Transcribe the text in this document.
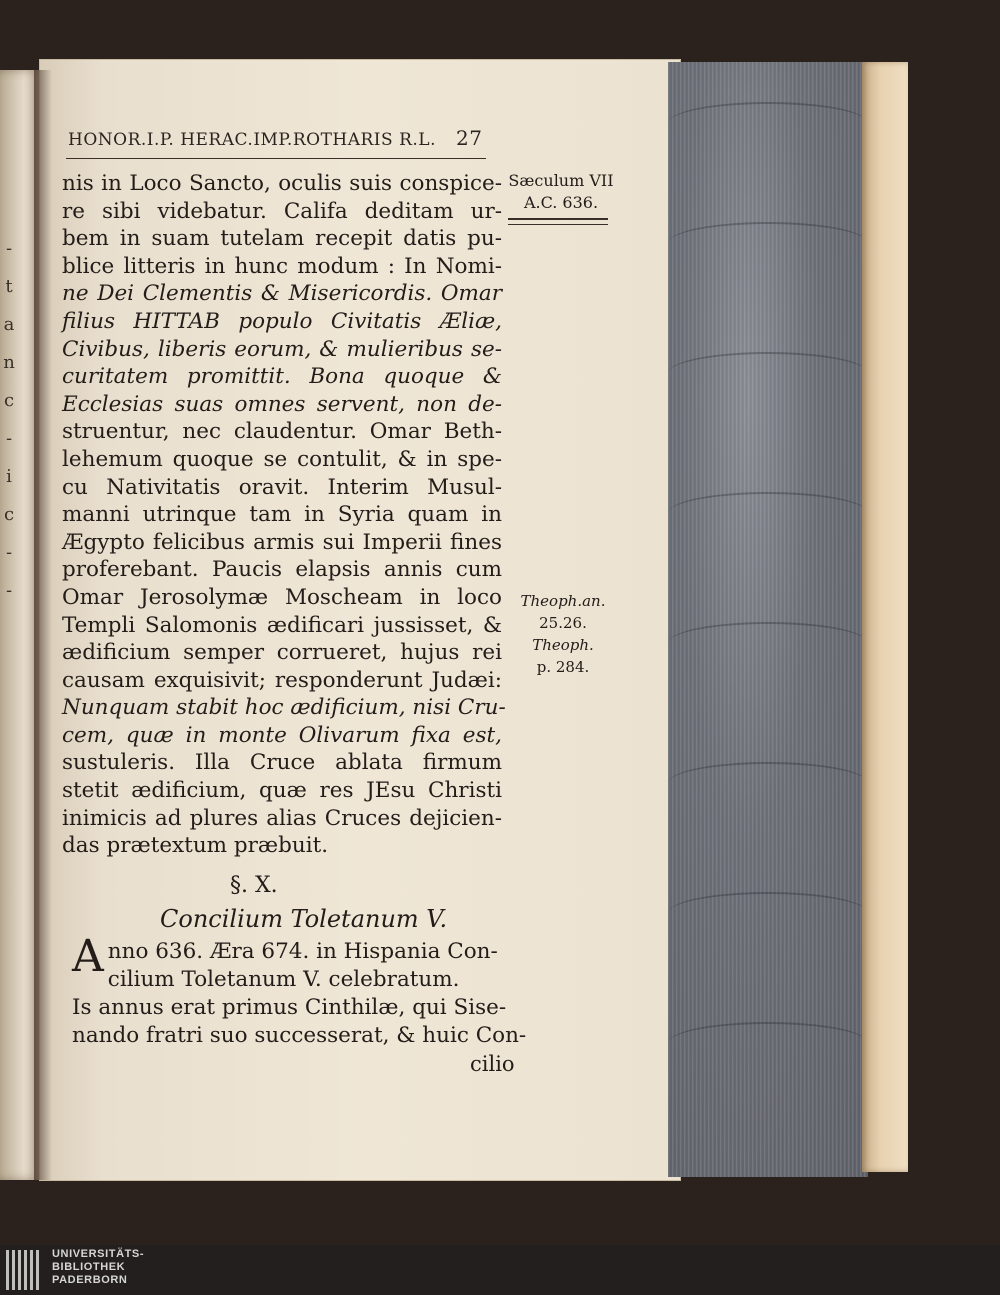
-
t
a
n
c
-
i
c
-
-
HONOR.I.P. HERAC.IMP.ROTHARIS R.L. 27
Sæculum VII
A.C. 636.
Theoph.an.
25.26.
Theoph.
p. 284.
nis in Loco Sancto, oculis suis conspice-
re sibi videbatur. Califa deditam ur-
bem in suam tutelam recepit datis pu-
blice litteris in hunc modum : In Nomi-
ne Dei Clementis & Misericordis. Omar
filius HITTAB populo Civitatis Æliæ,
Civibus, liberis eorum, & mulieribus se-
curitatem promittit. Bona quoque &
Ecclesias suas omnes servent, non de-
struentur, nec claudentur. Omar Beth-
lehemum quoque se contulit, & in spe-
cu Nativitatis oravit. Interim Musul-
manni utrinque tam in Syria quam in
Ægypto felicibus armis sui Imperii fines
proferebant. Paucis elapsis annis cum
Omar Jerosolymæ Moscheam in loco
Templi Salomonis ædificari jussisset, &
ædificium semper corrueret, hujus rei
causam exquisivit; responderunt Judæi:
Nunquam stabit hoc ædificium, nisi Cru-
cem, quæ in monte Olivarum fixa est,
sustuleris. Illa Cruce ablata firmum
stetit ædificium, quæ res JEsu Christi
inimicis ad plures alias Cruces dejicien-
das prætextum præbuit.
§. X.
Concilium Toletanum V.
A nno 636. Æra 674. in Hispania Con-
cilium Toletanum V. celebratum.
Is annus erat primus Cinthilæ, qui Sise-
nando fratri suo successerat, & huic Con-
cilio
UNIVERSITÄTS-
BIBLIOTHEK
PADERBORN
